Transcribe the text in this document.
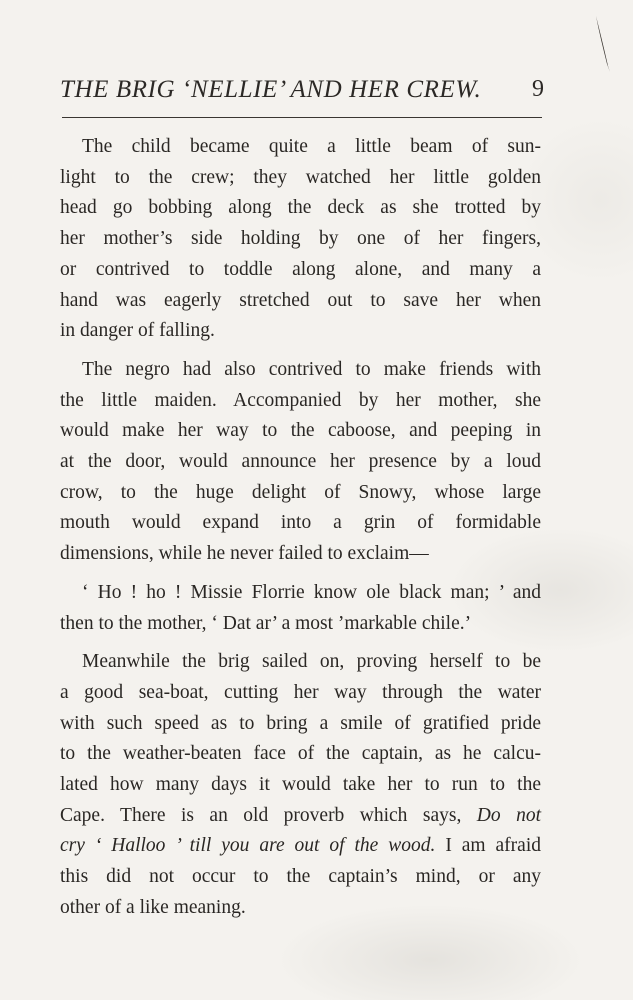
THE BRIG ‘NELLIE’ AND HER CREW. 9
The child became quite a little beam of sun-
light to the crew; they watched her little golden
head go bobbing along the deck as she trotted by
her mother’s side holding by one of her fingers,
or contrived to toddle along alone, and many a
hand was eagerly stretched out to save her when
in danger of falling.
The negro had also contrived to make friends with
the little maiden. Accompanied by her mother, she
would make her way to the caboose, and peeping in
at the door, would announce her presence by a loud
crow, to the huge delight of Snowy, whose large
mouth would expand into a grin of formidable
dimensions, while he never failed to exclaim—
‘ Ho ! ho ! Missie Florrie know ole black man; ’ and
then to the mother, ‘ Dat ar’ a most ’markable chile.’
Meanwhile the brig sailed on, proving herself to be
a good sea-boat, cutting her way through the water
with such speed as to bring a smile of gratified pride
to the weather-beaten face of the captain, as he calcu-
lated how many days it would take her to run to the
Cape. There is an old proverb which says, Do not
cry ‘ Halloo ’ till you are out of the wood. I am afraid
this did not occur to the captain’s mind, or any
other of a like meaning.
